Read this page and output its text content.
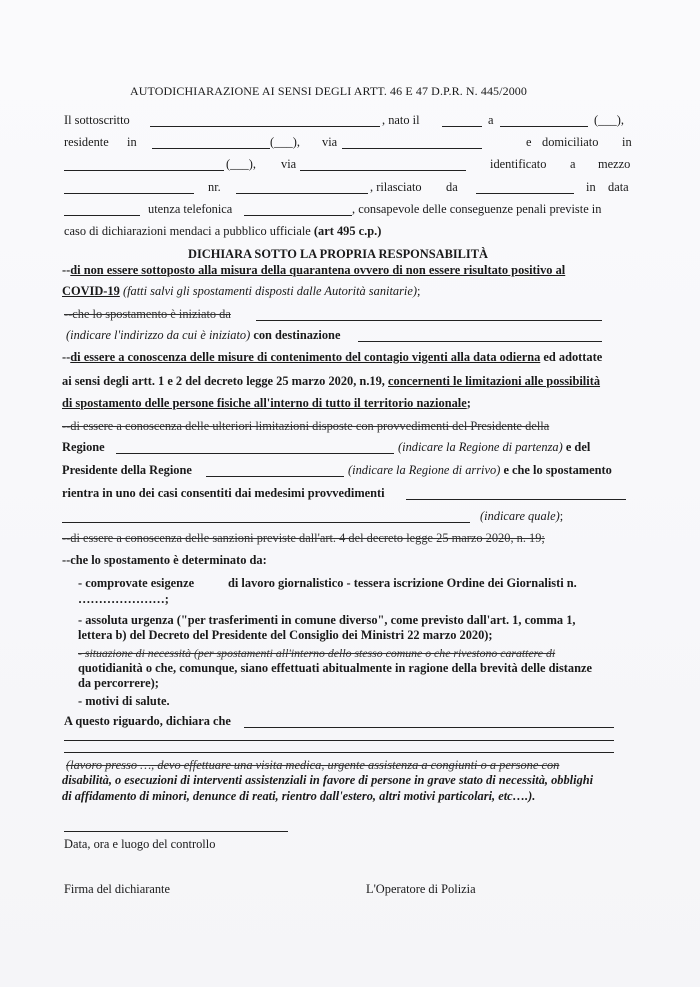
AUTODICHIARAZIONE AI SENSI DEGLI ARTT. 46 E 47 D.P.R. N. 445/2000
Il sottoscritto	, nato il	a	(___),
residente in	(___), via	e domiciliato in
(___), via	identificato a mezzo
nr.	, rilasciato da	in data
utenza telefonica	, consapevole delle conseguenze penali previste in
caso di dichiarazioni mendaci a pubblico ufficiale (art 495 c.p.)
DICHIARA SOTTO LA PROPRIA RESPONSABILITÀ
--di non essere sottoposto alla misura della quarantena ovvero di non essere risultato positivo al
COVID-19 (fatti salvi gli spostamenti disposti dalle Autorità sanitarie);
--che lo spostamento è iniziato da
(indicare l'indirizzo da cui è iniziato) con destinazione
--di essere a conoscenza delle misure di contenimento del contagio vigenti alla data odierna ed adottate
ai sensi degli artt. 1 e 2 del decreto legge 25 marzo 2020, n.19, concernenti le limitazioni alle possibilità
di spostamento delle persone fisiche all'interno di tutto il territorio nazionale;
--di essere a conoscenza delle ulteriori limitazioni disposte con provvedimenti del Presidente della
Regione	(indicare la Regione di partenza) e del
Presidente della Regione	(indicare la Regione di arrivo) e che lo spostamento
rientra in uno dei casi consentiti dai medesimi provvedimenti
(indicare quale);
--di essere a conoscenza delle sanzioni previste dall'art. 4 del decreto legge 25 marzo 2020, n. 19;
--che lo spostamento è determinato da:
- comprovate esigenze	di lavoro giornalistico - tessera iscrizione Ordine dei Giornalisti n.
…………………;
- assoluta urgenza ("per trasferimenti in comune diverso", come previsto dall'art. 1, comma 1,
lettera b) del Decreto del Presidente del Consiglio dei Ministri 22 marzo 2020);
- situazione di necessità (per spostamenti all'interno dello stesso comune o che rivestono carattere di
quotidianità o che, comunque, siano effettuati abitualmente in ragione della brevità delle distanze
da percorrere);
- motivi di salute.
A questo riguardo, dichiara che
(lavoro presso …, devo effettuare una visita medica, urgente assistenza a congiunti o a persone con
disabilità, o esecuzioni di interventi assistenziali in favore di persone in grave stato di necessità, obblighi
di affidamento di minori, denunce di reati, rientro dall'estero, altri motivi particolari, etc….).
Data, ora e luogo del controllo
Firma del dichiarante	L'Operatore di Polizia
